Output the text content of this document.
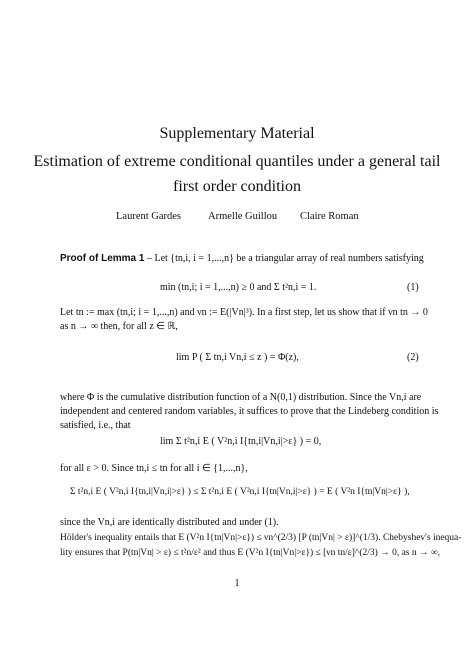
Supplementary Material
Estimation of extreme conditional quantiles under a general tail
first order condition
Laurent Gardes	Armelle Guillou Claire Roman
Proof of Lemma 1 – Let {tn,i, i = 1,...,n} be a triangular array of real numbers satisfying
min (tn,i; i = 1,...,n) ≥ 0 and Σ t²n,i = 1.	(1)
Let tn := max (tn,i; i = 1,...,n) and νn := E(|Vn|³). In a first step, let us show that if νn tn → 0
as n → ∞ then, for all z ∈ ℝ,
lim P ( Σ tn,i Vn,i ≤ z ) = Φ(z),	(2)
where Φ is the cumulative distribution function of a N(0,1) distribution. Since the Vn,i are
independent and centered random variables, it suffices to prove that the Lindeberg condition is
satisfied, i.e., that
lim Σ t²n,i E ( V²n,i I{tn,i|Vn,i|>ε} ) = 0,
for all ε > 0. Since tn,i ≤ tn for all i ∈ {1,...,n},
Σ t²n,i E ( V²n,i I{tn,i|Vn,i|>ε} ) ≤ Σ t²n,i E ( V²n,i I{tn|Vn,i|>ε} ) = E ( V²n I{tn|Vn|>ε} ),
since the Vn,i are identically distributed and under (1).
Hölder's inequality entails that E (V²n I{tn|Vn|>ε}) ≤ νn^(2/3) [P (tn|Vn| > ε)]^(1/3). Chebyshev's inequa-
lity ensures that P(tn|Vn| > ε) ≤ t²n/ε² and thus E (V²n I{tn|Vn|>ε}) ≤ [νn tn/ε]^(2/3) → 0, as n → ∞,
1
